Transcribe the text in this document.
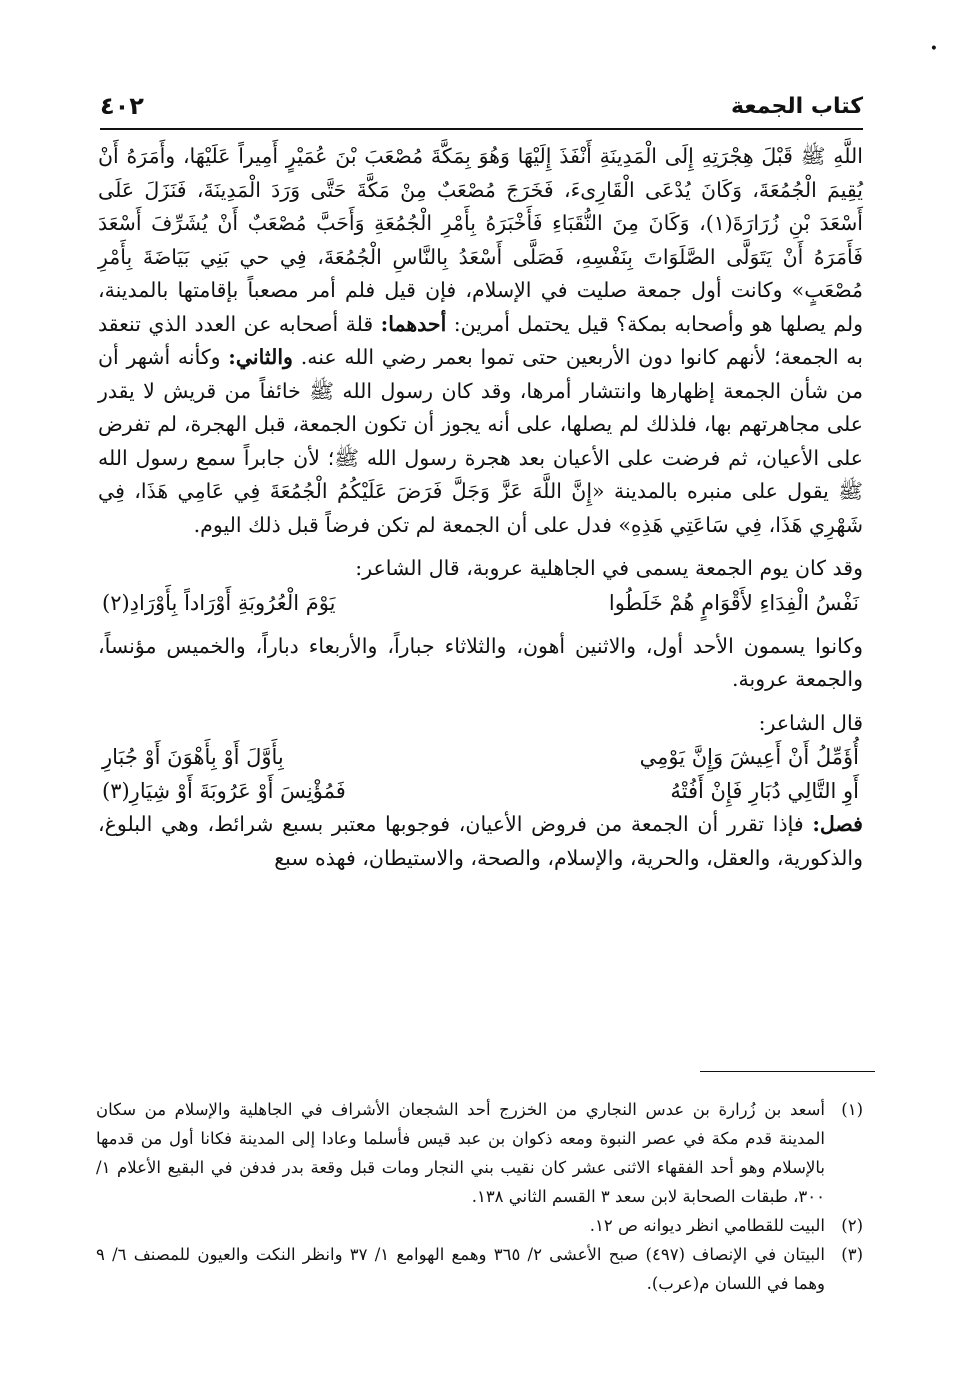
•
كتاب الجمعة
٤٠٢

اللَّهِ ﷺ قَبْلَ هِجْرَتِهِ إِلَى الْمَدِينَةِ أَنْفَذَ إِلَيْهَا وَهُوَ بِمَكَّةَ مُصْعَبَ بْنَ عُمَيْرٍ أَمِيراً عَلَيْهَا، وأَمَرَهُ أَنْ يُقِيمَ الْجُمُعَةَ، وَكَانَ يُدْعَى الْقَارِىءَ، فَخَرَجَ مُصْعَبٌ مِنْ مَكَّةَ حَتَّى وَرَدَ الْمَدِينَةَ، فَنَزَلَ عَلَى أَسْعَدَ بْنِ زُرَارَةَ(١)، وَكَانَ مِنَ النُّقَبَاءِ فَأَخْبَرَهُ بِأَمْرِ الْجُمُعَةِ وَأَحَبَّ مُصْعَبٌ أَنْ يُشَرِّفَ أَسْعَدَ فَأَمَرَهُ أَنْ يَتَوَلَّى الصَّلَوَاتَ بِنَفْسِهِ، فَصَلَّى أَسْعَدُ بِالنَّاسِ الْجُمُعَةَ، فِي حي بَنِي بَيَاضَةَ بِأَمْرِ مُصْعَبٍ» وكانت أول جمعة صليت في الإسلام، فإن قيل فلم أمر مصعباً بإقامتها بالمدينة، ولم يصلها هو وأصحابه بمكة؟ قيل يحتمل أمرين: أحدهما: قلة أصحابه عن العدد الذي تنعقد به الجمعة؛ لأنهم كانوا دون الأربعين حتى تموا بعمر رضي الله عنه. والثاني: وكأنه أشهر أن من شأن الجمعة إظهارها وانتشار أمرها، وقد كان رسول الله ﷺ خائفاً من قريش لا يقدر على مجاهرتهم بها، فلذلك لم يصلها، على أنه يجوز أن تكون الجمعة، قبل الهجرة، لم تفرض على الأعيان، ثم فرضت على الأعيان بعد هجرة رسول الله ﷺ؛ لأن جابراً سمع رسول الله ﷺ يقول على منبره بالمدينة «إِنَّ اللَّهَ عَزَّ وَجَلَّ فَرَضَ عَلَيْكُمُ الْجُمُعَةَ فِي عَامِي هَذَا، فِي شَهْرِي هَذَا، فِي سَاعَتِي هَذِهِ» فدل على أن الجمعة لم تكن فرضاً قبل ذلك اليوم.

وقد كان يوم الجمعة يسمى في الجاهلية عروبة، قال الشاعر:

نَفْسُ الْفِدَاءِ لأَقْوَامٍ هُمْ خَلَطُوا
يَوْمَ الْعُرُوبَةِ أَوْرَاداً بِأَوْرَادِ(٢)

وكانوا يسمون الأحد أول، والاثنين أهون، والثلاثاء جباراً، والأربعاء دباراً، والخميس مؤنساً، والجمعة عروبة.

قال الشاعر:

أُؤَمِّلُ أَنْ أَعِيشَ وَإِنَّ يَوْمِي
بِأَوَّلَ أَوْ بِأَهْوَنَ أَوْ جُبَارِ
أَوِ التَّالِي دُبَارِ فَإِنْ أَفُتْهُ
فَمُؤْنِسَ أَوْ عَرُوبَةَ أَوْ شِيَارِ(٣)

فصل: فإذا تقرر أن الجمعة من فروض الأعيان، فوجوبها معتبر بسبع شرائط، وهي البلوغ، والذكورية، والعقل، والحرية، والإسلام، والصحة، والاستيطان، فهذه سبع

(١)
أسعد بن زُرارة بن عدس النجاري من الخزرج أحد الشجعان الأشراف في الجاهلية والإسلام من سكان المدينة قدم مكة في عصر النبوة ومعه ذكوان بن عبد قيس فأسلما وعادا إلى المدينة فكانا أول من قدمها بالإسلام وهو أحد الفقهاء الاثنى عشر كان نقيب بني النجار ومات قبل وقعة بدر فدفن في البقيع الأعلام ١/ ٣٠٠، طبقات الصحابة لابن سعد ٣ القسم الثاني ١٣٨.
(٢)
البيت للقطامي انظر ديوانه ص ١٢.
(٣)
البيتان في الإنصاف (٤٩٧) صبح الأعشى ٢/ ٣٦٥ وهمع الهوامع ١/ ٣٧ وانظر النكت والعيون للمصنف ٦/ ٩ وهما في اللسان م(عرب).
